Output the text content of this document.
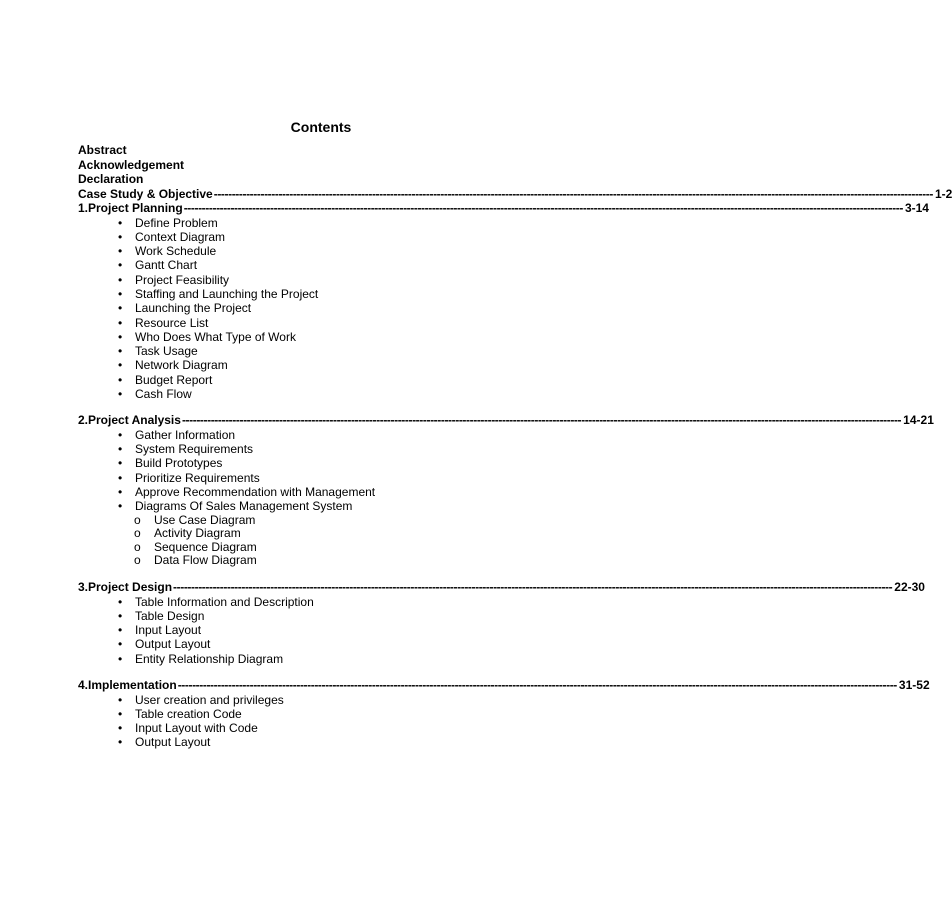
Contents
Abstract
Acknowledgement
Declaration
Case Study & Objective -------------------------------------------------------------------------------------------------------------------------------------------------------------------------------------------------------- 1-2
1.Project Planning -------------------------------------------------------------------------------------------------------------------------------------------------------------------------------------------------------- 3-14
• Define Problem
• Context Diagram
• Work Schedule
• Gantt Chart
• Project Feasibility
• Staffing and Launching the Project
• Launching the Project
• Resource List
• Who Does What Type of Work
• Task Usage
• Network Diagram
• Budget Report
• Cash Flow
2.Project Analysis -------------------------------------------------------------------------------------------------------------------------------------------------------------------------------------------------------- 14-21
• Gather Information
• System Requirements
• Build Prototypes
• Prioritize Requirements
• Approve Recommendation with Management
• Diagrams Of Sales Management System
o Use Case Diagram
o Activity Diagram
o Sequence Diagram
o Data Flow Diagram
3.Project Design -------------------------------------------------------------------------------------------------------------------------------------------------------------------------------------------------------- 22-30
• Table Information and Description
• Table Design
• Input Layout
• Output Layout
• Entity Relationship Diagram
4.Implementation -------------------------------------------------------------------------------------------------------------------------------------------------------------------------------------------------------- 31-52
• User creation and privileges
• Table creation Code
• Input Layout with Code
• Output Layout
